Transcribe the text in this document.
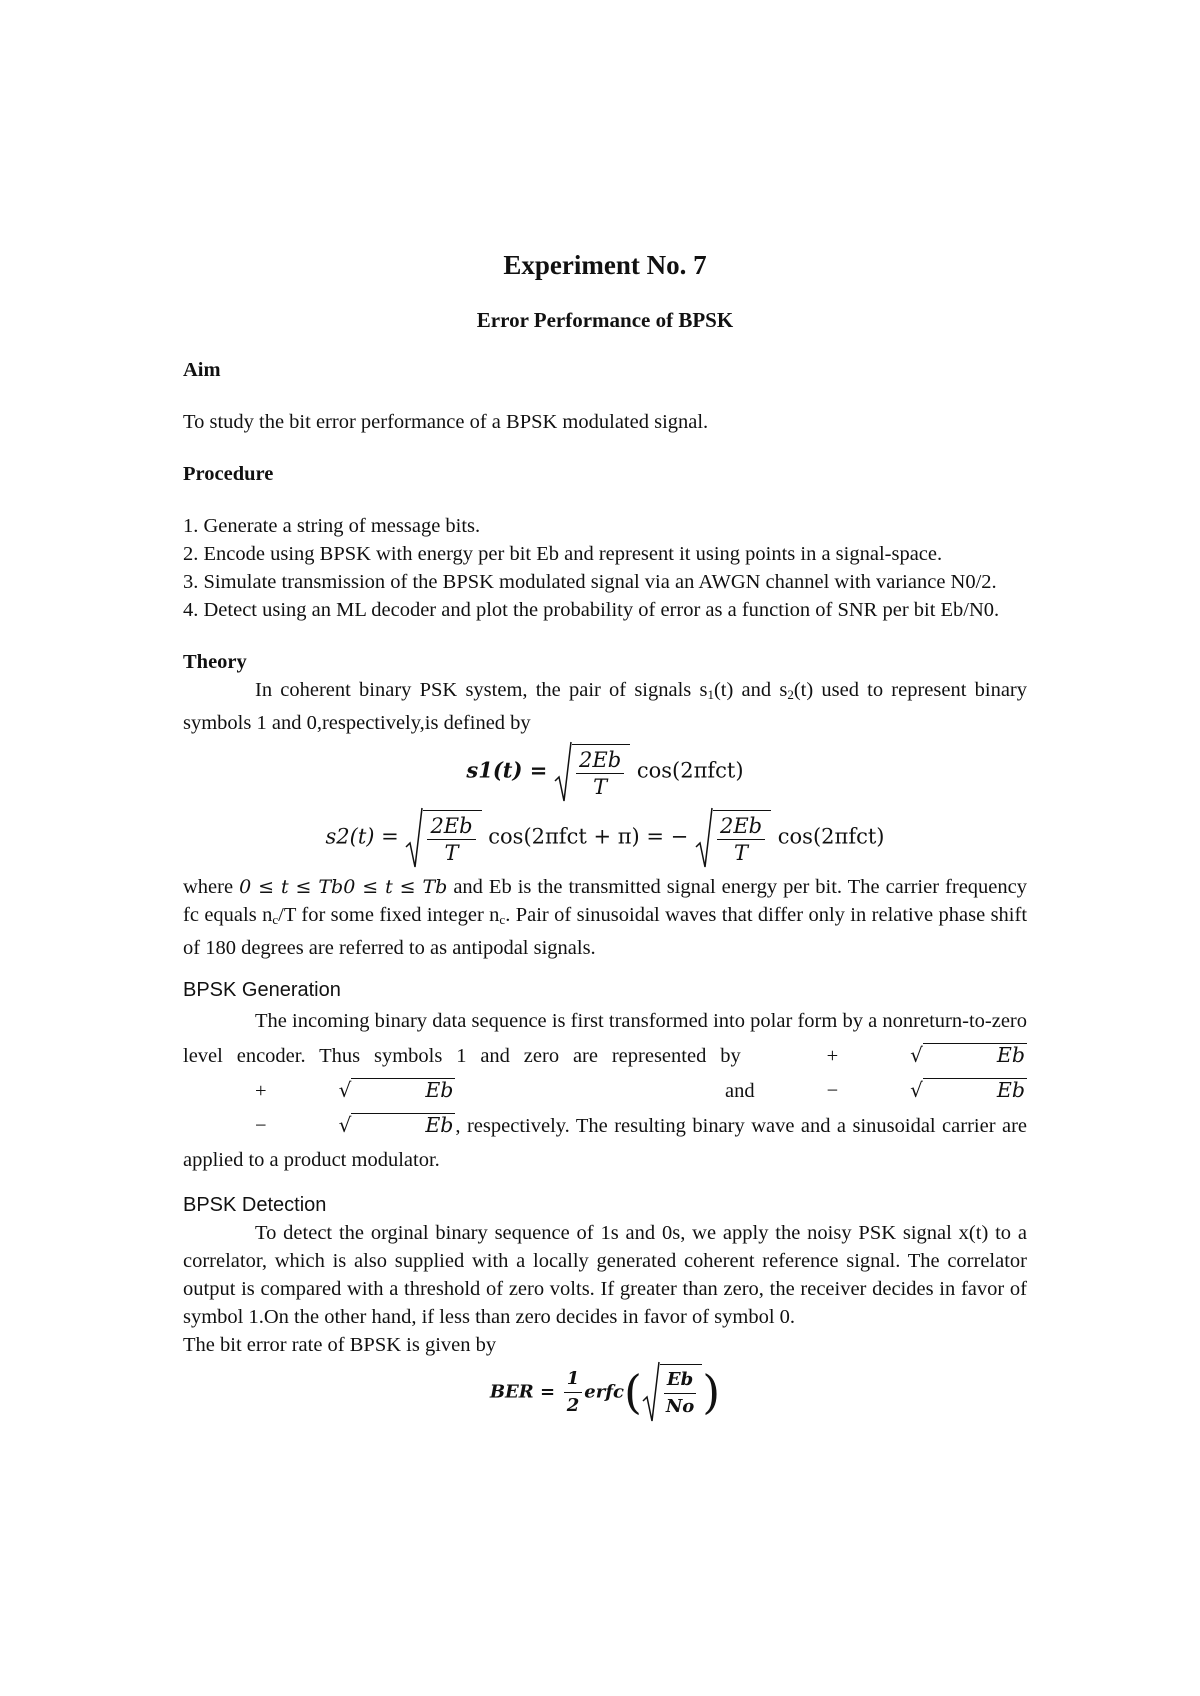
Experiment No. 7
Error Performance of BPSK

Aim

To study the bit error performance of a BPSK modulated signal.

Procedure

1. Generate a string of message bits.

2. Encode using BPSK with energy per bit Eb and represent it using points in a signal-space.

3. Simulate transmission of the BPSK modulated signal via an AWGN channel with variance N0/2.

4. Detect using an ML decoder and plot the probability of error as a function of SNR per bit Eb/N0.

Theory

In coherent binary PSK system, the pair of signals $s_1(t)$ and $s_2(t)$ used to represent binary symbols 1 and 0,respectively,is defined by

$s1(t) = \frac{2Eb}{T} \cos(2\pi fct)$
$s2(t) = \frac{2Eb}{T} \cos(2\pi fct + \pi)$ = − $\frac{2Eb}{T} \cos(2\pi fct)$

where 0 ≤ t ≤ Tb0 ≤ t ≤ Tb and Eb is the transmitted signal energy per bit. The carrier frequency fc equals $n_c/T$ for some fixed integer $n_c$. Pair of sinusoidal waves that differ only in relative phase shift of 180 degrees are referred to as antipodal signals.

BPSK Generation

The incoming binary data sequence is first transformed into polar form by a nonreturn-to-zero level encoder. Thus symbols 1 and zero are represented by	+	√	Eb

+	√	Eb	and	−	√	Eb
−	√	Eb , respectively. The resulting binary wave and a sinusoidal carrier are applied to a product modulator.

BPSK Detection

To detect the orginal binary sequence of 1s and 0s, we apply the noisy PSK signal x(t) to a correlator, which is also supplied with a locally generated coherent reference signal. The correlator output is compared with a threshold of zero volts. If greater than zero, the receiver decides in favor of symbol 1.On the other hand, if less than zero decides in favor of symbol 0.

The bit error rate of BPSK is given by

BER = $\frac{1}{2}$ erfc( $\frac{Eb}{No}$ )
